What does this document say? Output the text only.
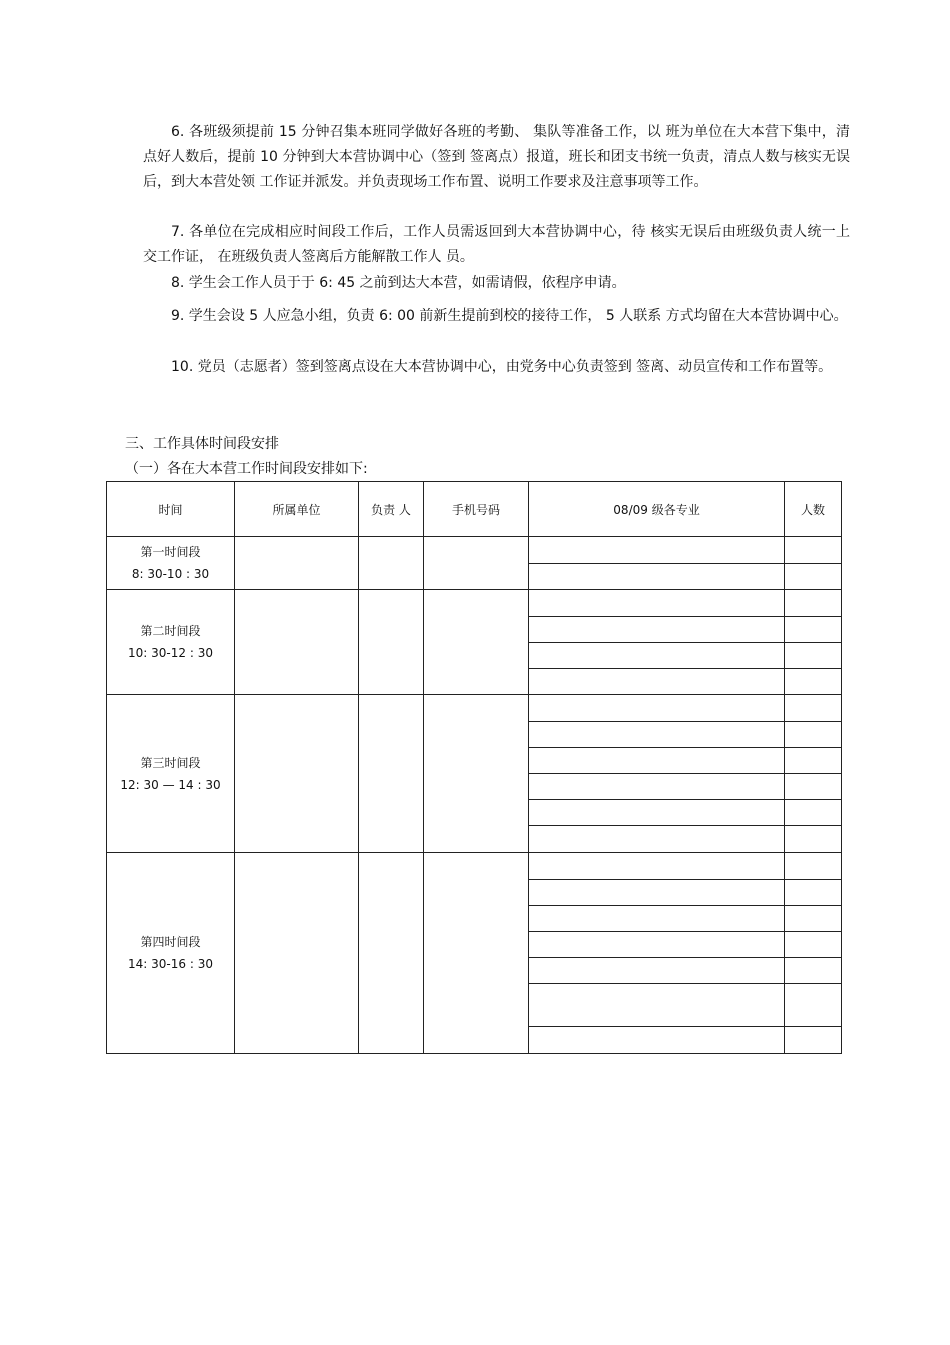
6. 各班级须提前 15 分钟召集本班同学做好各班的考勤、 集队等准备工作，以 班为单位在大本营下集中，清点好人数后，提前 10 分钟到大本营协调中心（签到 签离点）报道，班长和团支书统一负责，清点人数与核实无误后，到大本营处领 工作证并派发。并负责现场工作布置、说明工作要求及注意事项等工作。
7. 各单位在完成相应时间段工作后，工作人员需返回到大本营协调中心，待 核实无误后由班级负责人统一上交工作证， 在班级负责人签离后方能解散工作人 员。
8. 学生会工作人员于于 6: 45 之前到达大本营，如需请假，依程序申请。
9. 学生会设 5 人应急小组，负责 6: 00 前新生提前到校的接待工作， 5 人联系 方式均留在大本营协调中心。
10. 党员（志愿者）签到签离点设在大本营协调中心，由党务中心负责签到 签离、动员宣传和工作布置等。
三、工作具体时间段安排
（一）各在大本营工作时间段安排如下:
时间	所属单位	负责 人	手机号码	08/09 级各专业	人数

第一时间段
8: 30-10 : 30					

第二时间段
10: 30-12 : 30					

第三时间段
12: 30 — 14 : 30					

第四时间段
14: 30-16 : 30					
